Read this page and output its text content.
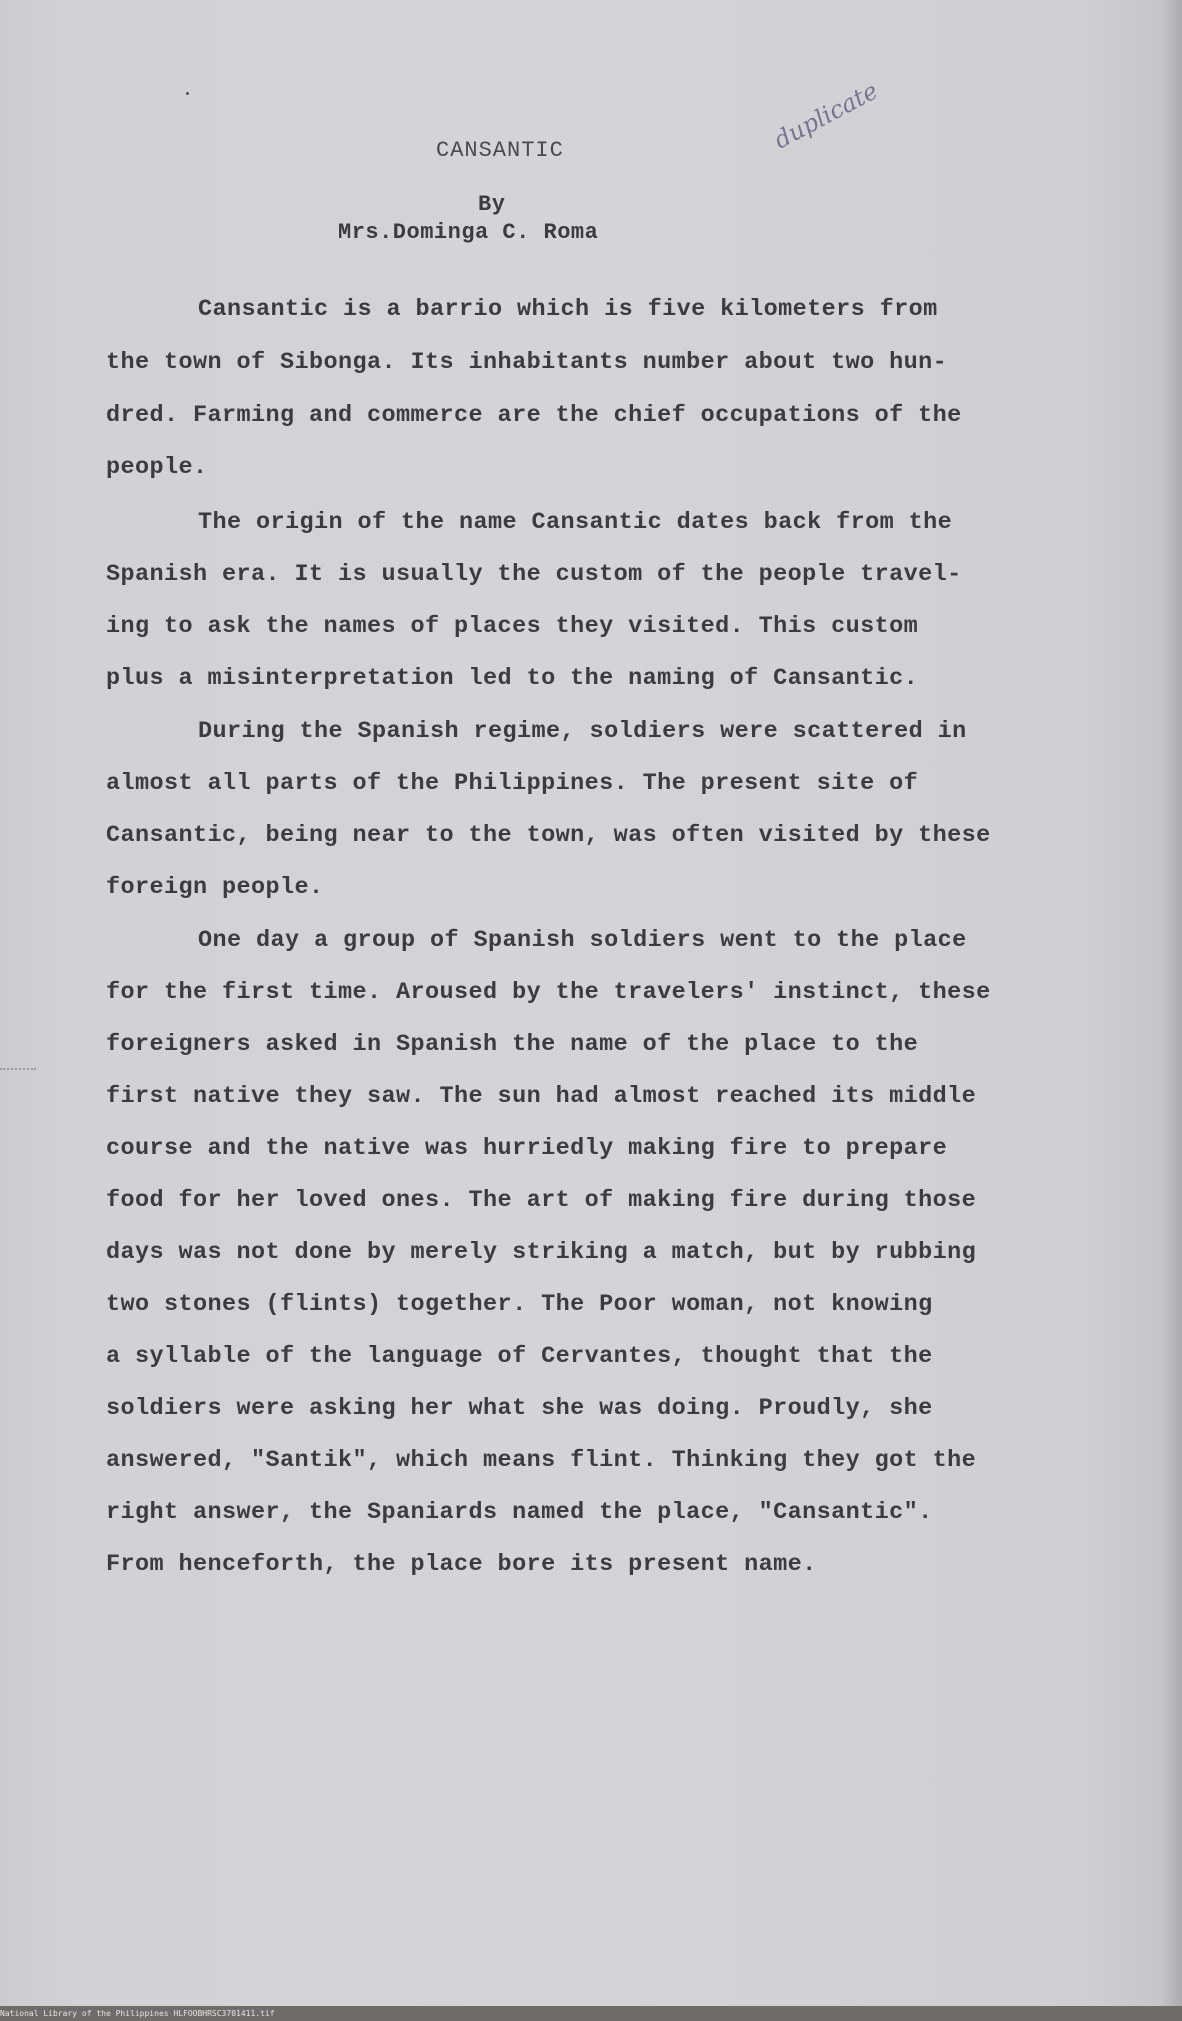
CANSANTIC	duplicate

By

Mrs.Dominga C. Roma

Cansantic is a barrio which is five kilometers from

the town of Sibonga. Its inhabitants number about two hun-

dred. Farming and commerce are the chief occupations of the

people.

The origin of the name Cansantic dates back from the

Spanish era. It is usually the custom of the people travel-

ing to ask the names of places they visited. This custom

plus a misinterpretation led to the naming of Cansantic.

During the Spanish regime, soldiers were scattered in

almost all parts of the Philippines. The present site of

Cansantic, being near to the town, was often visited by these

foreign people.

One day a group of Spanish soldiers went to the place

for the first time. Aroused by the travelers' instinct, these

foreigners asked in Spanish the name of the place to the

first native they saw. The sun had almost reached its middle

course and the native was hurriedly making fire to prepare

food for her loved ones. The art of making fire during those

days was not done by merely striking a match, but by rubbing

two stones (flints) together. The Poor woman, not knowing

a syllable of the language of Cervantes, thought that the

soldiers were asking her what she was doing. Proudly, she

answered, "Santik", which means flint. Thinking they got the

right answer, the Spaniards named the place, "Cansantic".

From henceforth, the place bore its present name.

National Library of the Philippines HLFOOBHRSC3701411.tif
